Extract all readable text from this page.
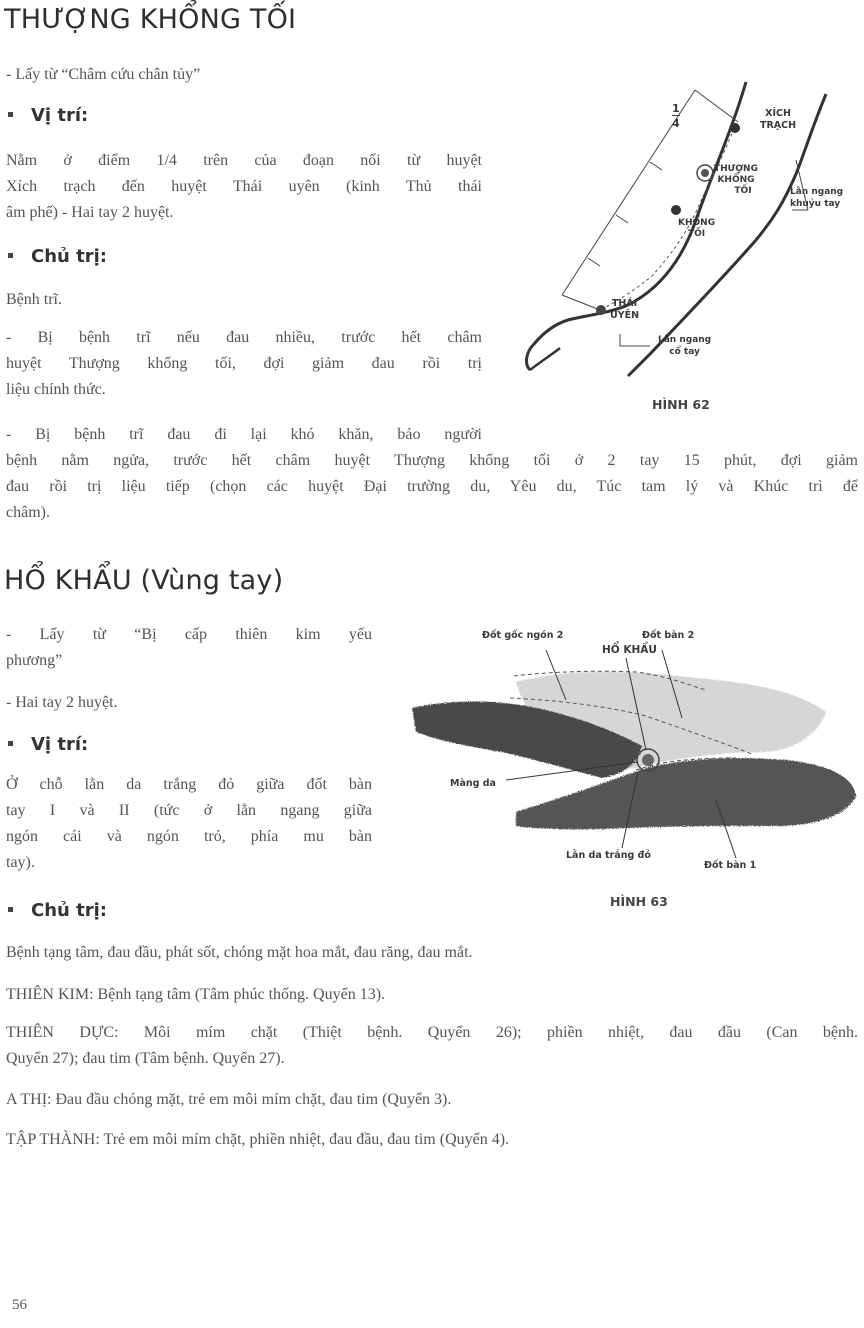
THƯỢNG KHỔNG TỐI
- Lấy từ “Châm cứu chân tủy”
Vị trí:
Nằm ở điểm 1/4 trên của đoạn nối từ huyệt
Xích trạch đến huyệt Thái uyên (kinh Thủ thái
âm phế) - Hai tay 2 huyệt.
Chủ trị:
Bệnh trĩ.
- Bị bệnh trĩ nếu đau nhiều, trước hết châm
huyệt Thượng khổng tối, đợi giảm đau rồi trị
liệu chính thức.
- Bị bệnh trĩ đau đi lại khó khăn, bảo người
bệnh nằm ngửa, trước hết châm huyệt Thượng khổng tối ở 2 tay 15 phút, đợi giảm
đau rồi trị liệu tiếp (chọn các huyệt Đại trường du, Yêu du, Túc tam lý và Khúc trì để
châm).
$\frac{1}{4}$	XÍCH
TRẠCH
THƯỢNG
KHỔNG
TỐI
KHỔNG
TỐI
THÁI
UYÊN
Lằn ngang
khuỷu tay
Lằn ngang
cổ tay
HÌNH 62
HỔ KHẨU (Vùng tay)
- Lấy từ “Bị cấp thiên kim yếu
phương”
- Hai tay 2 huyệt.
Vị trí:
Ở chỗ lằn da trắng đỏ giữa đốt bàn
tay I và II (tức ở lằn ngang giữa
ngón cái và ngón trỏ, phía mu bàn
tay).
Chủ trị:
Bệnh tạng tâm, đau đầu, phát sốt, chóng mặt hoa mắt, đau răng, đau mắt.
THIÊN KIM: Bệnh tạng tâm (Tâm phúc thống. Quyển 13).
THIÊN DỰC: Môi mím chặt (Thiệt bệnh. Quyển 26); phiền nhiệt, đau đầu (Can bệnh.
Quyển 27); đau tim (Tâm bệnh. Quyển 27).
A THỊ: Đau đầu chóng mặt, trẻ em môi mím chặt, đau tim (Quyển 3).
TẬP THÀNH: Trẻ em môi mím chặt, phiền nhiệt, đau đầu, đau tim (Quyển 4).
Đốt gốc ngón 2	Đốt bàn 2
HỔ KHẨU
Màng da
Lằn da trắng đỏ
Đốt bàn 1
HÌNH 63
56
